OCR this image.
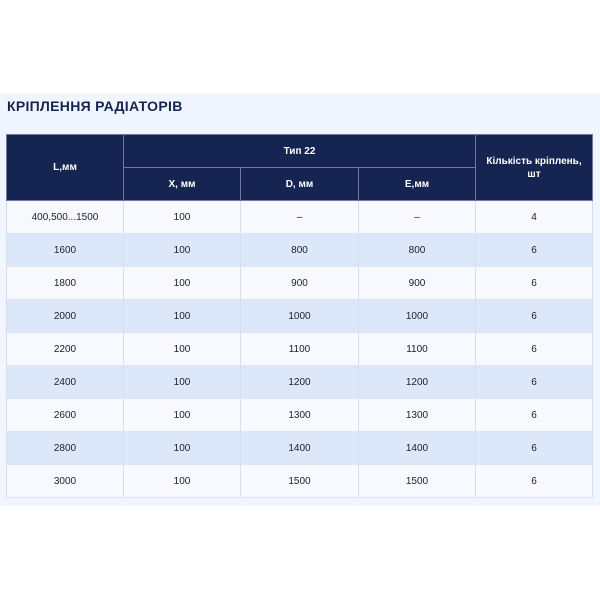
КРІПЛЕННЯ РАДІАТОРІВ
L,мм	Тип 22			Кількість кріплень,
шт
	X, мм	D, мм	E,мм	
400,500...1500	100	–	–	4
1600	100	800	800	6
1800	100	900	900	6
2000	100	1000	1000	6
2200	100	1100	1100	6
2400	100	1200	1200	6
2600	100	1300	1300	6
2800	100	1400	1400	6
3000	100	1500	1500	6
